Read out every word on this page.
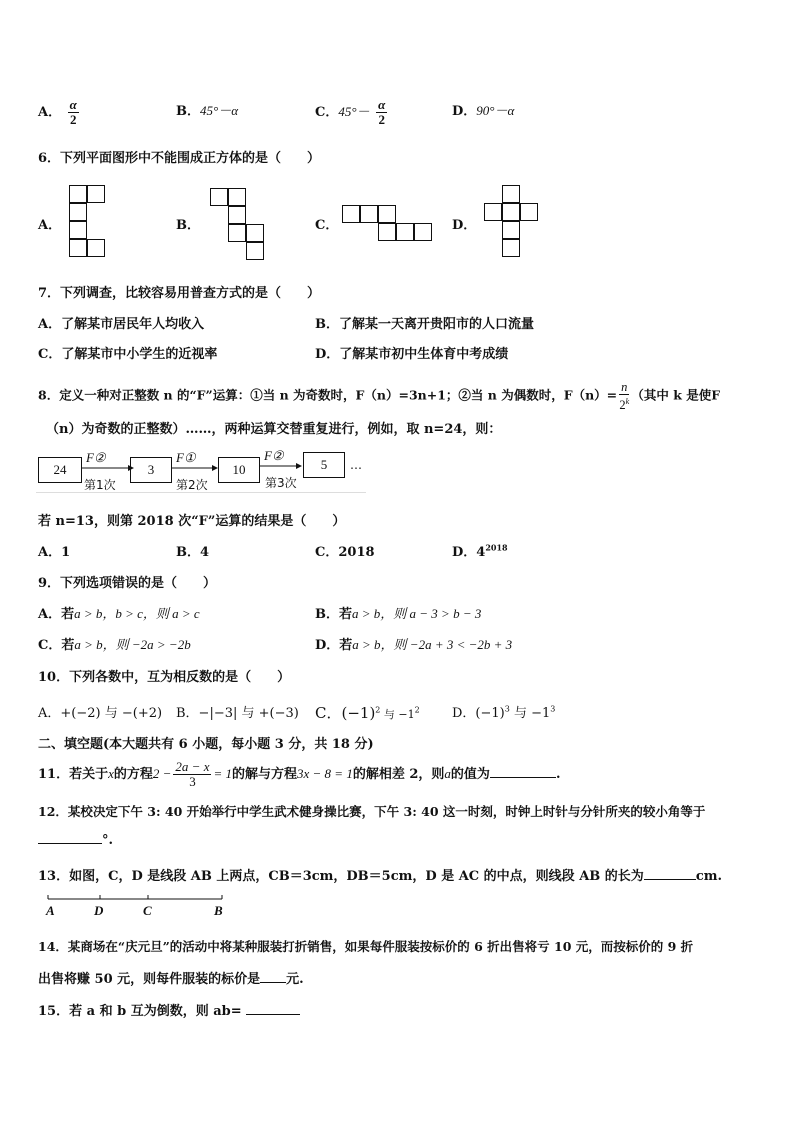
A． $\frac{\alpha}{2}$	B．45°－α	C．$45^\circ- \frac{\alpha}{2}$	D．90°－α
6．下列平面图形中不能围成正方体的是（　　）
A．	B．	C．	D．
7．下列调查，比较容易用普查方式的是（　　）
A．了解某市居民年人均收入	B．了解某一天离开贵阳市的人口流量
C．了解某市中小学生的近视率	D．了解某市初中生体育中考成绩
8．定义一种对正整数 n 的“F”运算：①当 n 为奇数时，F（n）=3n+1；②当 n 为偶数时，$F(n)= \frac{n}{2^k}$ （其中 k 是使F
（n）为奇数的正整数）……，两种运算交替重复进行，例如，取 n=24，则：
24	3	10	5
F②	F①	F②
第1次	第2次	第3次
…
若 n=13，则第 2018 次“F”运算的结果是（　　）
A．1	B．4	C．2018	D．$4^{2018}$
9．下列选项错误的是（　　）
A．若a > b，b > c，则 a > c	B．若a > b，则 a − 3 > b − 3
C．若a > b，则 −2a > −2b	D．若a > b，则 −2a + 3 < −2b + 3
10．下列各数中，互为相反数的是（　　）
A．+(−2) 与 −(+2) B．−|−3| 与 +(−3) C．$(-1)^2$ 与 $-1^2$ D．$(-1)^3$ 与 $-1^3$
二、填空题(本大题共有 6 小题，每小题 3 分，共 18 分)
11．若关于x的方程$2 - \frac{2a - x}{3} = 1$的解与方程3x − 8 = 1的解相差 2，则a的值为	.
12．某校决定下午 3: 40 开始举行中学生武术健身操比赛，下午 3: 40 这一时刻，时钟上时针与分针所夹的较小角等于
°.
13．如图，C，D 是线段 AB 上两点，CB＝3cm，DB＝5cm，D 是 AC 的中点，则线段 AB 的长为	cm.
A	D	C	B
14．某商场在“庆元旦”的活动中将某种服装打折销售，如果每件服装按标价的 6 折出售将亏 10 元，而按标价的 9 折
出售将赚 50 元，则每件服装的标价是 元.
15．若 a 和 b 互为倒数，则 ab=
